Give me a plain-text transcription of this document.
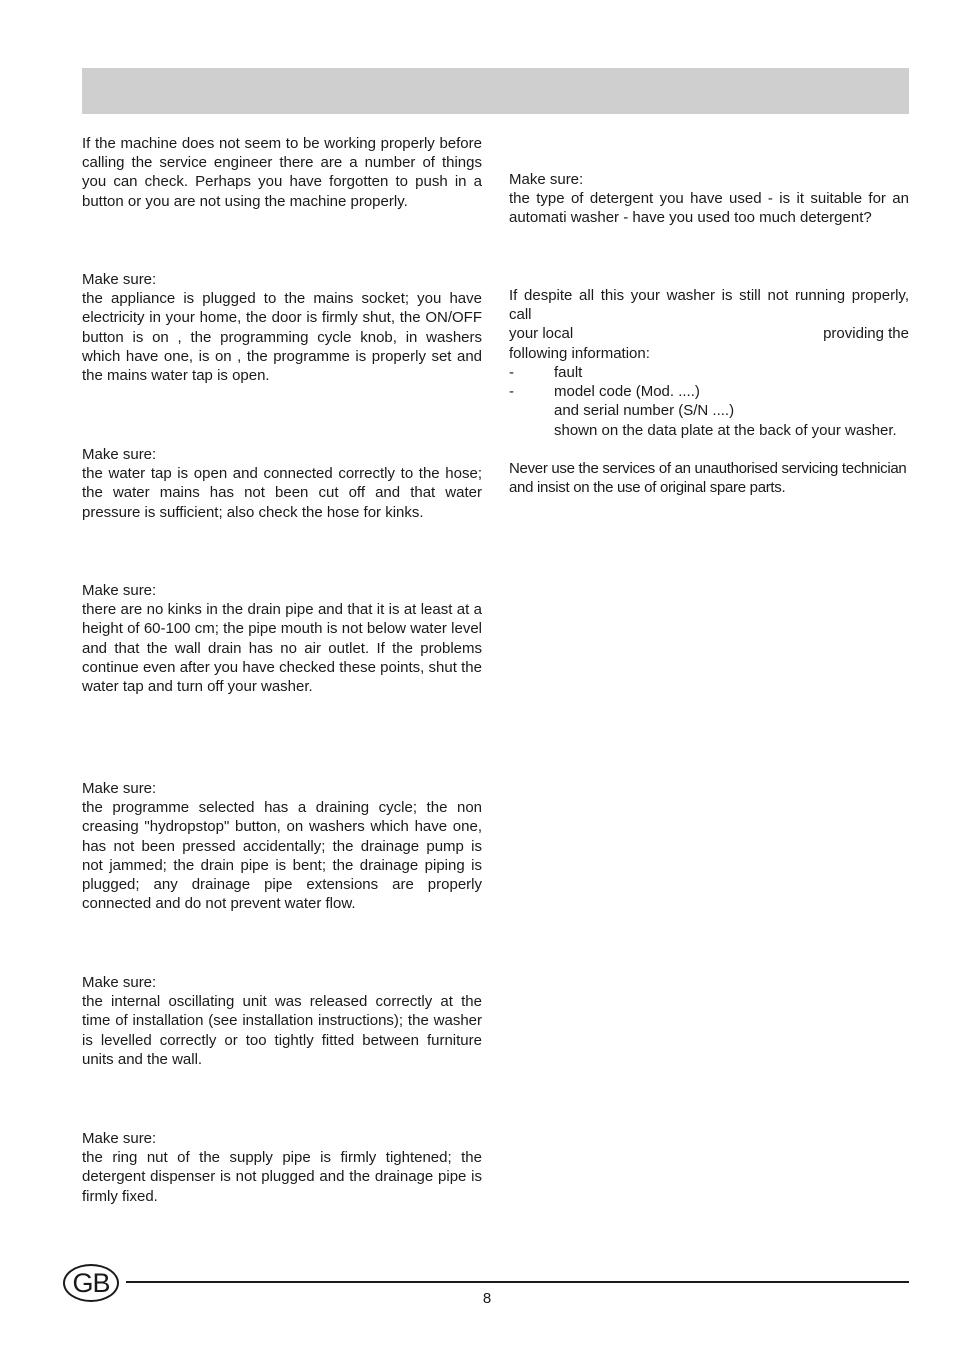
If the machine does not seem to be working properly before calling the service engineer there are a number of things you can check. Perhaps you have forgotten to push in a button or you are not using the machine properly.

Make sure:

the appliance is plugged to the mains socket; you have electricity in your home, the door is firmly shut, the ON/OFF button is on , the programming cycle knob, in washers which have one, is on , the programme is properly set and the mains water tap is open.

Make sure:

the water tap is open and connected correctly to the hose; the water mains has not been cut off and that water pressure is sufficient; also check the hose for kinks.

Make sure:

there are no kinks in the drain pipe and that it is at least at a height of 60-100 cm; the pipe mouth is not below water level and that the wall drain has no air outlet. If the problems continue even after you have checked these points, shut the water tap and turn off your washer.

Make sure:

the programme selected has a draining cycle; the non creasing "hydropstop" button, on washers which have one, has not been pressed accidentally; the drainage pump is not jammed; the drain pipe is bent; the drainage piping is plugged; any drainage pipe extensions are properly connected and do not prevent water flow.

Make sure:

the internal oscillating unit was released correctly at the time of installation (see installation instructions); the washer is levelled correctly or too tightly fitted between furniture units and the wall.

Make sure:

the ring nut of the supply pipe is firmly tightened; the detergent dispenser is not plugged and the drainage pipe is firmly fixed.

Make sure:

the type of detergent you have used - is it suitable for an automati washer - have you used too much detergent?

If despite all this your washer is still not running properly, call

your local	providing the

following information:

-	fault
-	model code (Mod. ....)
and serial number (S/N ....)
shown on the data plate at the back of your washer.

Never use the services of an unauthorised servicing technician and insist on the use of original spare parts.

GB
8
